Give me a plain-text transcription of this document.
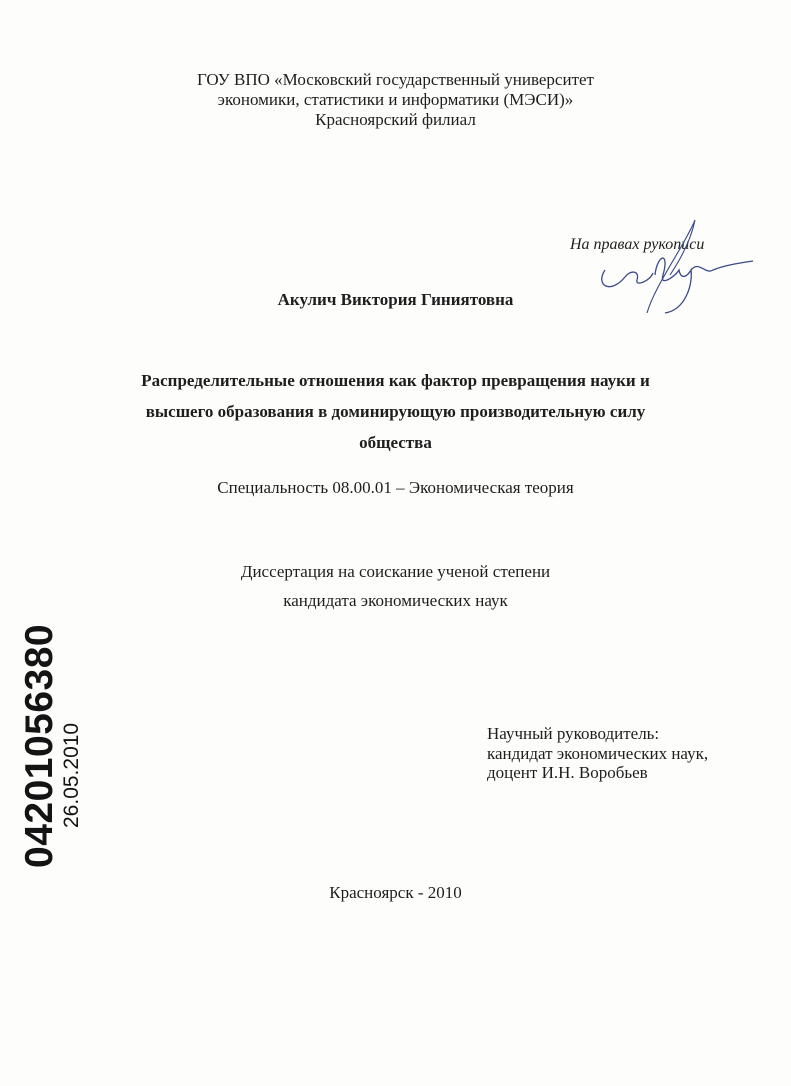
ГОУ ВПО «Московский государственный университет
экономики, статистики и информатики (МЭСИ)»
Красноярский филиал
На правах рукописи
Акулич Виктория Гиниятовна
Распределительные отношения как фактор превращения науки и
высшего образования в доминирующую производительную силу
общества
Специальность 08.00.01 – Экономическая теория
Диссертация на соискание ученой степени
кандидата экономических наук
04201056380 26.05.2010	Научный руководитель:
кандидат экономических наук,
доцент И.Н. Воробьев
Красноярск - 2010
